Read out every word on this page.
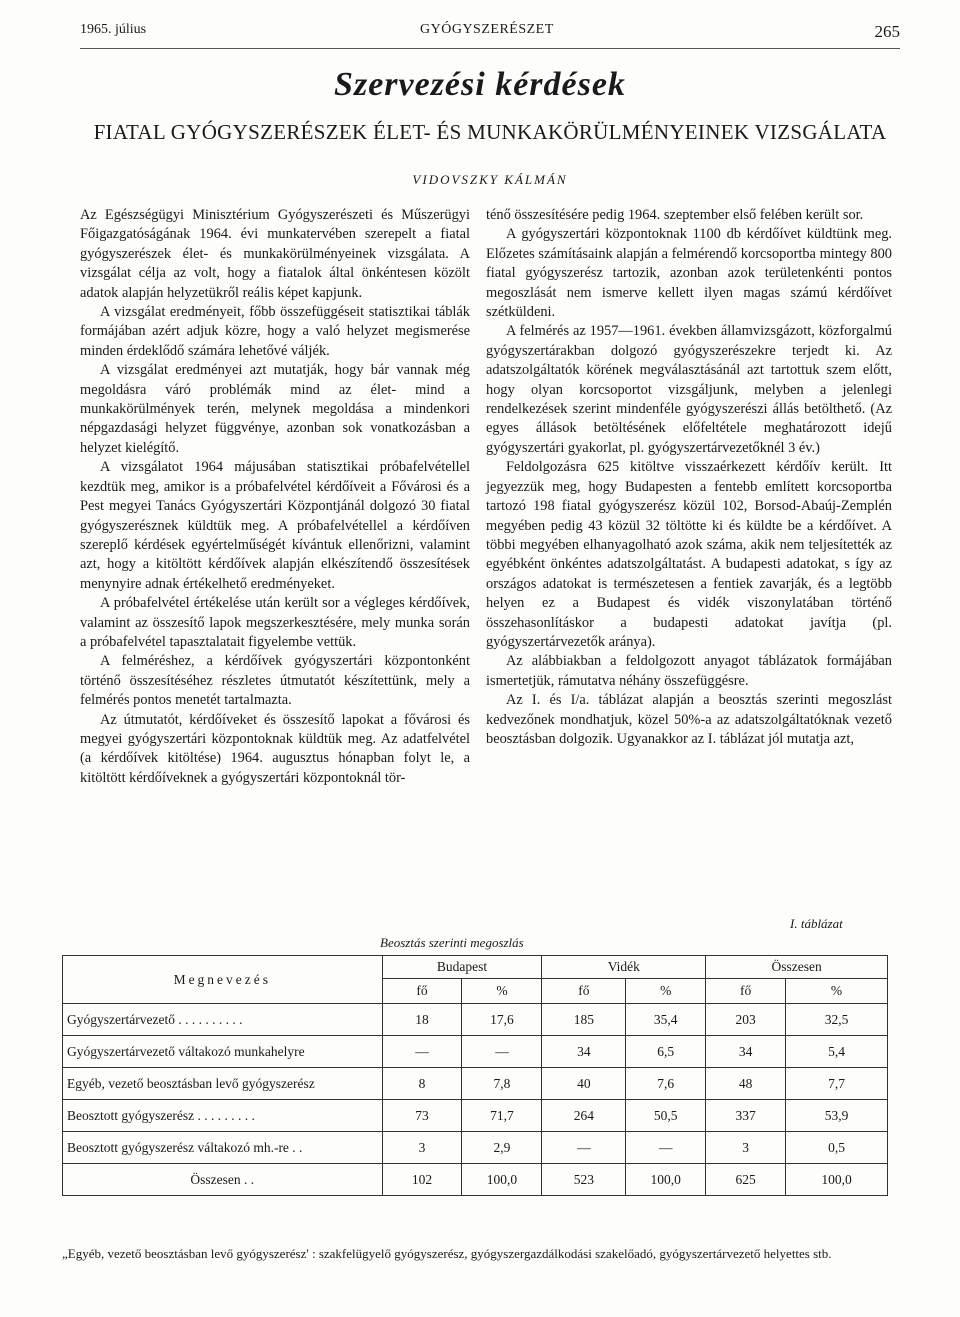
1965. július	GYÓGYSZERÉSZET	265
Szervezési kérdések
FIATAL GYÓGYSZERÉSZEK ÉLET- ÉS MUNKAKÖRÜLMÉNYEINEK VIZSGÁLATA
VIDOVSZKY KÁLMÁN

Az Egészségügyi Minisztérium Gyógyszerészeti és Műszerügyi Főigazgatóságának 1964. évi munkatervében szerepelt a fiatal gyógyszerészek élet- és munkakörülményeinek vizsgálata. A vizsgálat célja az volt, hogy a fiatalok által önkéntesen közölt adatok alapján helyzetükről reális képet kapjunk.

A vizsgálat eredményeit, főbb összefüggéseit statisztikai táblák formájában azért adjuk közre, hogy a való helyzet megismerése minden érdeklődő számára lehetővé váljék.

A vizsgálat eredményei azt mutatják, hogy bár vannak még megoldásra váró problémák mind az élet- mind a munkakörülmények terén, melynek megoldása a mindenkori népgazdasági helyzet függvénye, azonban sok vonatkozásban a helyzet kielégítő.

A vizsgálatot 1964 májusában statisztikai próbafelvétellel kezdtük meg, amikor is a próbafelvétel kérdőíveit a Fővárosi és a Pest megyei Tanács Gyógyszertári Központjánál dolgozó 30 fiatal gyógyszerésznek küldtük meg. A próbafelvétellel a kérdőíven szereplő kérdések egyértelműségét kívántuk ellenőrizni, valamint azt, hogy a kitöltött kérdőívek alapján elkészítendő összesítések menynyire adnak értékelhető eredményeket.

A próbafelvétel értékelése után került sor a végleges kérdőívek, valamint az összesítő lapok megszerkesztésére, mely munka során a próbafelvétel tapasztalatait figyelembe vettük.

A felméréshez, a kérdőívek gyógyszertári központonként történő összesítéséhez részletes útmutatót készítettünk, mely a felmérés pontos menetét tartalmazta.

Az útmutatót, kérdőíveket és összesítő lapokat a fővárosi és megyei gyógyszertári központoknak küldtük meg. Az adatfelvétel (a kérdőívek kitöltése) 1964. augusztus hónapban folyt le, a kitöltött kérdőíveknek a gyógyszertári központoknál tör-

ténő összesítésére pedig 1964. szeptember első felében került sor.

A gyógyszertári központoknak 1100 db kérdőívet küldtünk meg. Előzetes számításaink alapján a felmérendő korcsoportba mintegy 800 fiatal gyógyszerész tartozik, azonban azok területenkénti pontos megoszlását nem ismerve kellett ilyen magas számú kérdőívet szétküldeni.

A felmérés az 1957—1961. években államvizsgázott, közforgalmú gyógyszertárakban dolgozó gyógyszerészekre terjedt ki. Az adatszolgáltatók körének megválasztásánál azt tartottuk szem előtt, hogy olyan korcsoportot vizsgáljunk, melyben a jelenlegi rendelkezések szerint mindenféle gyógyszerészi állás betölthető. (Az egyes állások betöltésének előfeltétele meghatározott idejű gyógyszertári gyakorlat, pl. gyógyszertárvezetőknél 3 év.)

Feldolgozásra 625 kitöltve visszaérkezett kérdőív került. Itt jegyezzük meg, hogy Budapesten a fentebb említett korcsoportba tartozó 198 fiatal gyógyszerész közül 102, Borsod-Abaúj-Zemplén megyében pedig 43 közül 32 töltötte ki és küldte be a kérdőívet. A többi megyében elhanyagolható azok száma, akik nem teljesítették az egyébként önkéntes adatszolgáltatást. A budapesti adatokat, s így az országos adatokat is természetesen a fentiek zavarják, és a legtöbb helyen ez a Budapest és vidék viszonylatában történő összehasonlításkor a budapesti adatokat javítja (pl. gyógyszertárvezetők aránya).

Az alábbiakban a feldolgozott anyagot táblázatok formájában ismertetjük, rámutatva néhány összefüggésre.

Az I. és I/a. táblázat alapján a beosztás szerinti megoszlást kedvezőnek mondhatjuk, közel 50%-a az adatszolgáltatóknak vezető beosztásban dolgozik. Ugyanakkor az I. táblázat jól mutatja azt,

I. táblázat
Beosztás szerinti megoszlás
Megnevezés	Budapest		Vidék		Összesen	
	fő	%	fő	%	fő	%
Gyógyszertárvezető . . . . . . . . . .	18	17,6	185	35,4	203	32,5
Gyógyszertárvezető váltakozó munkahelyre	—	—	34	6,5	34	5,4
Egyéb, vezető beosztásban levő gyógyszerész	8	7,8	40	7,6	48	7,7
Beosztott gyógyszerész . . . . . . . . .	73	71,7	264	50,5	337	53,9
Beosztott gyógyszerész váltakozó mh.-re . .	3	2,9	—	—	3	0,5
Összesen . .	102	100,0	523	100,0	625	100,0
„Egyéb, vezető beosztásban levő gyógyszerész' : szakfelügyelő gyógyszerész, gyógyszergazdálkodási szakelőadó, gyógyszertárvezető helyettes stb.
